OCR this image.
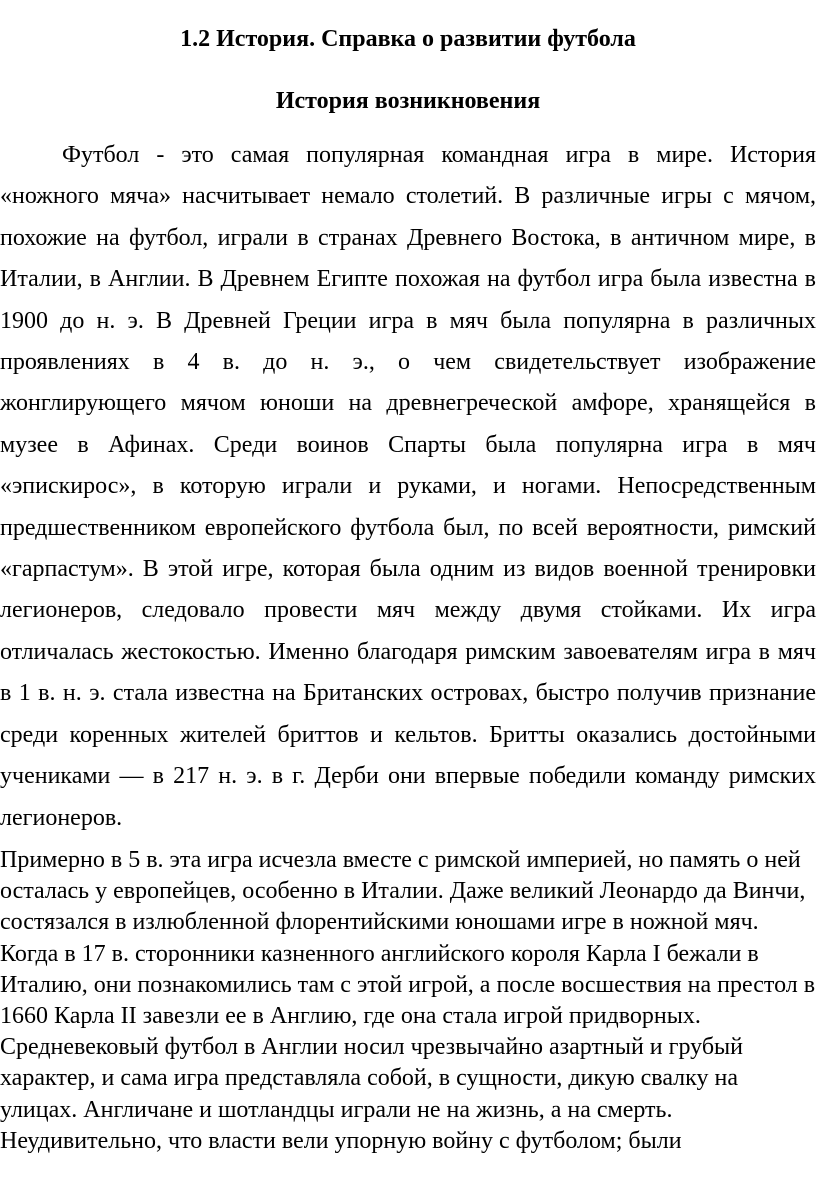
1.2 История. Справка о развитии футбола
История возникновения

Футбол - это самая популярная командная игра в мире. История «ножного мяча» насчитывает немало столетий. В различные игры с мячом, похожие на футбол, играли в странах Древнего Востока, в античном мире, в Италии, в Англии. В Древнем Египте похожая на футбол игра была известна в 1900 до н. э. В Древней Греции игра в мяч была популярна в различных проявлениях в 4 в. до н. э., о чем свидетельствует изображение жонглирующего мячом юноши на древнегреческой амфоре, хранящейся в музее в Афинах. Среди воинов Спарты была популярна игра в мяч «эпискирос», в которую играли и руками, и ногами. Непосредственным предшественником европейского футбола был, по всей вероятности, римский «гарпастум». В этой игре, которая была одним из видов военной тренировки легионеров, следовало провести мяч между двумя стойками. Их игра отличалась жестокостью. Именно благодаря римским завоевателям игра в мяч в 1 в. н. э. стала известна на Британских островах, быстро получив признание среди коренных жителей бриттов и кельтов. Бритты оказались достойными учениками — в 217 н. э. в г. Дерби они впервые победили команду римских легионеров.

Примерно в 5 в. эта игра исчезла вместе с римской империей, но память о ней осталась у европейцев, особенно в Италии. Даже великий Леонардо да Винчи, состязался в излюбленной флорентийскими юношами игре в ножной мяч. Когда в 17 в. сторонники казненного английского короля Карла I бежали в Италию, они познакомились там с этой игрой, а после восшествия на престол в 1660 Карла II завезли ее в Англию, где она стала игрой придворных. Средневековый футбол в Англии носил чрезвычайно азартный и грубый характер, и сама игра представляла собой, в сущности, дикую свалку на улицах. Англичане и шотландцы играли не на жизнь, а на смерть. Неудивительно, что власти вели упорную войну с футболом; были
